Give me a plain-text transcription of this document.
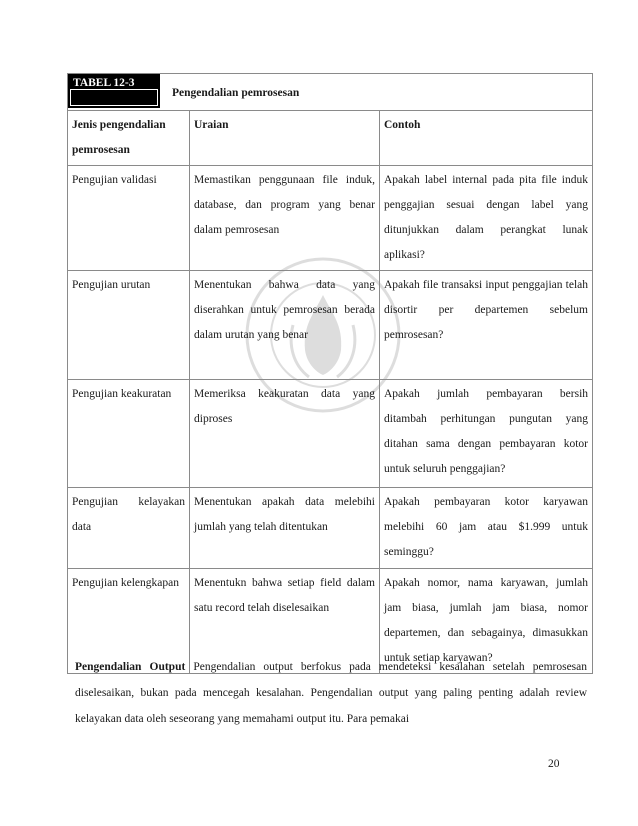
TABEL 12-3
Pengendalian pemrosesan		

Jenis pengendalian pemrosesan	Uraian	Contoh
Pengujian validasi	Memastikan penggunaan file induk, database, dan program yang benar dalam pemrosesan	Apakah label internal pada pita file induk penggajian sesuai dengan label yang ditunjukkan dalam perangkat lunak aplikasi?
Pengujian urutan	Menentukan bahwa data yang diserahkan untuk pemrosesan berada dalam urutan yang benar	Apakah file transaksi input penggajian telah disortir per departemen sebelum pemrosesan?
Pengujian keakuratan	Memeriksa keakuratan data yang diproses	Apakah jumlah pembayaran bersih ditambah perhitungan pungutan yang ditahan sama dengan pembayaran kotor untuk seluruh penggajian?
Pengujian kelayakan data	Menentukan apakah data melebihi jumlah yang telah ditentukan	Apakah pembayaran kotor karyawan melebihi 60 jam atau $1.999 untuk seminggu?
Pengujian kelengkapan	Menentukn bahwa setiap field dalam satu record telah diselesaikan	Apakah nomor, nama karyawan, jumlah jam biasa, jumlah jam biasa, nomor departemen, dan sebagainya, dimasukkan untuk setiap karyawan?

Pengendalian Output Pengendalian output berfokus pada mendeteksi kesalahan setelah pemrosesan diselesaikan, bukan pada mencegah kesalahan. Pengendalian output yang paling penting adalah review kelayakan data oleh seseorang yang memahami output itu. Para pemakai

20
